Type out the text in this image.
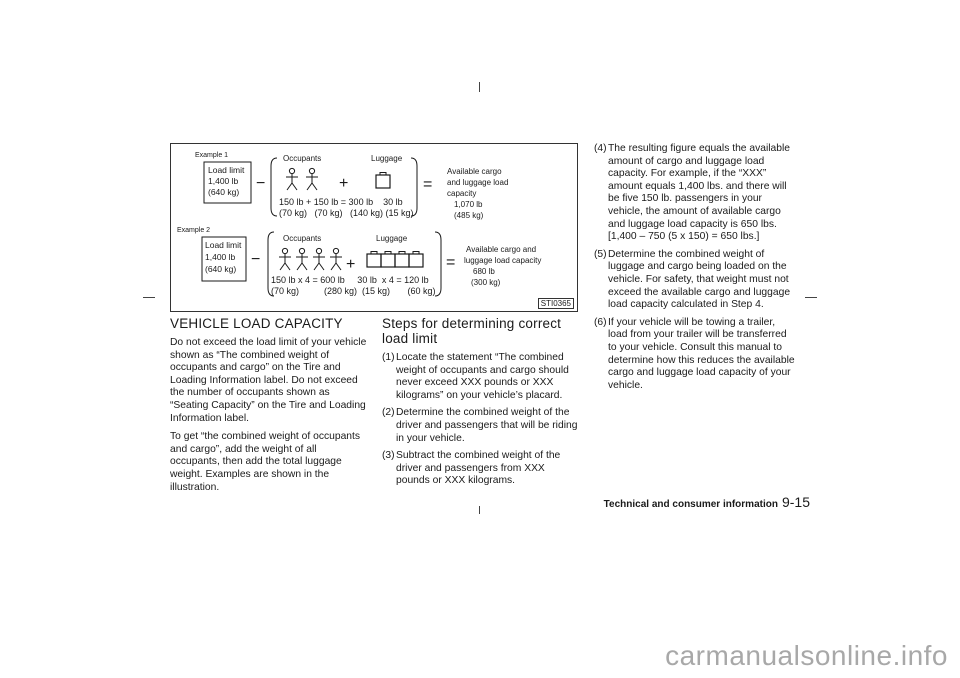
Example 1
Load limit
1,400 lb
(640 kg) −
Occupants	Luggage
+
150 lb + 150 lb = 300 lb    30 lb
(70 kg)   (70 kg)   (140 kg) (15 kg)
=
Available cargo
and luggage load
capacity
1,070 lb
(485 kg)
Example 2
Load limit
1,400 lb
(640 kg)
−
Occupants	Luggage
+
150 lb x 4 = 600 lb     30 lb  x 4 = 120 lb
(70 kg)          (280 kg)  (15 kg)       (60 kg)
=
Available cargo and
luggage load capacity
680 lb
(300 kg)
STI0365
VEHICLE LOAD CAPACITY

Do not exceed the load limit of your vehicle shown as “The combined weight of occupants and cargo” on the Tire and Loading Information label. Do not exceed the number of occupants shown as “Seating Capacity” on the Tire and Loading Information label.

To get “the combined weight of occupants and cargo”, add the weight of all occupants, then add the total luggage weight. Examples are shown in the illustration.

Steps for determining correct load limit
(1) Locate the statement “The combined weight of occupants and cargo should never exceed XXX pounds or XXX kilograms” on your vehicle’s placard.
(2) Determine the combined weight of the driver and passengers that will be riding in your vehicle.
(3) Subtract the combined weight of the driver and passengers from XXX pounds or XXX kilograms.
(4) The resulting figure equals the available amount of cargo and luggage load capacity. For example, if the “XXX” amount equals 1,400 lbs. and there will be five 150 lb. passengers in your vehicle, the amount of available cargo and luggage load capacity is 650 lbs. [1,400 – 750 (5 x 150) = 650 lbs.]
(5) Determine the combined weight of luggage and cargo being loaded on the vehicle. For safety, that weight must not exceed the available cargo and luggage load capacity calculated in Step 4.
(6) If your vehicle will be towing a trailer, load from your trailer will be transferred to your vehicle. Consult this manual to determine how this reduces the available cargo and luggage load capacity of your vehicle.
Technical and consumer information 9-15
carmanualsonline.info
